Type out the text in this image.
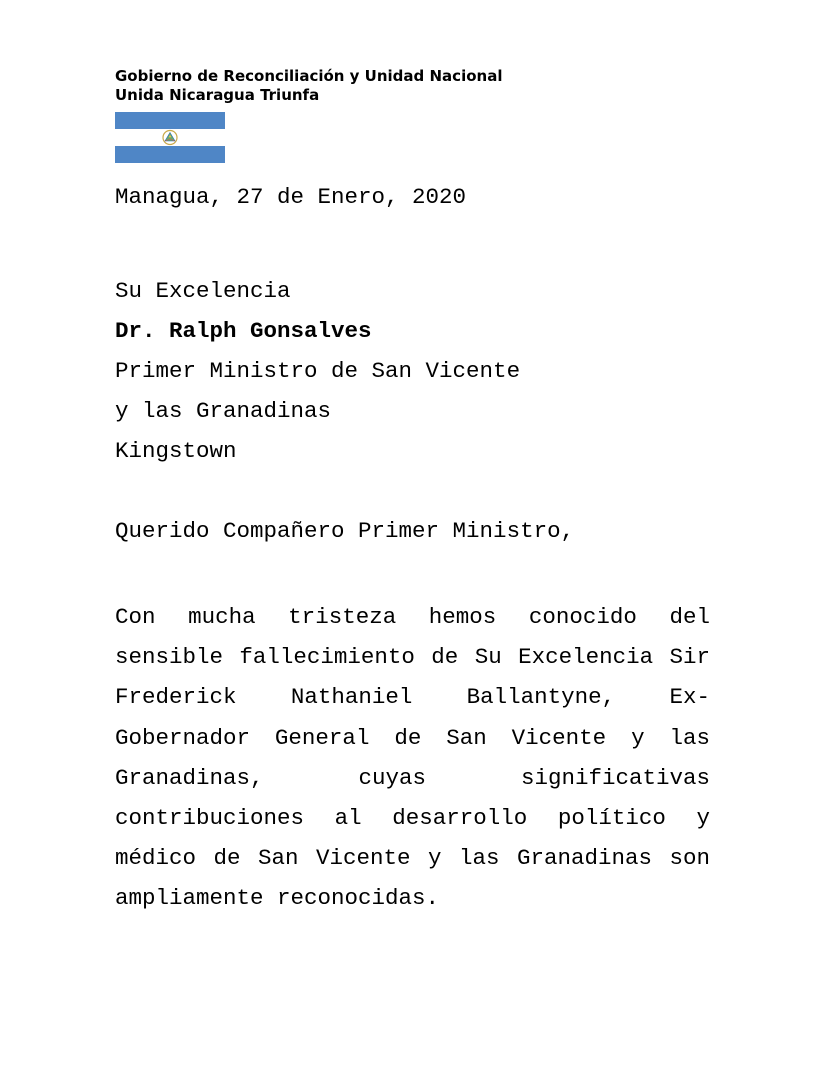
Gobierno de Reconciliación y Unidad Nacional
Unida Nicaragua Triunfa
Managua, 27 de Enero, 2020
Su Excelencia
Dr. Ralph Gonsalves
Primer Ministro de San Vicente
y las Granadinas
Kingstown
Querido Compañero Primer Ministro,

Con mucha tristeza hemos conocido del sensible fallecimiento de Su Excelencia Sir Frederick Nathaniel Ballantyne, Ex-Gobernador General de San Vicente y las Granadinas, cuyas significativas contribuciones al desarrollo político y médico de San Vicente y las Granadinas son ampliamente reconocidas.
